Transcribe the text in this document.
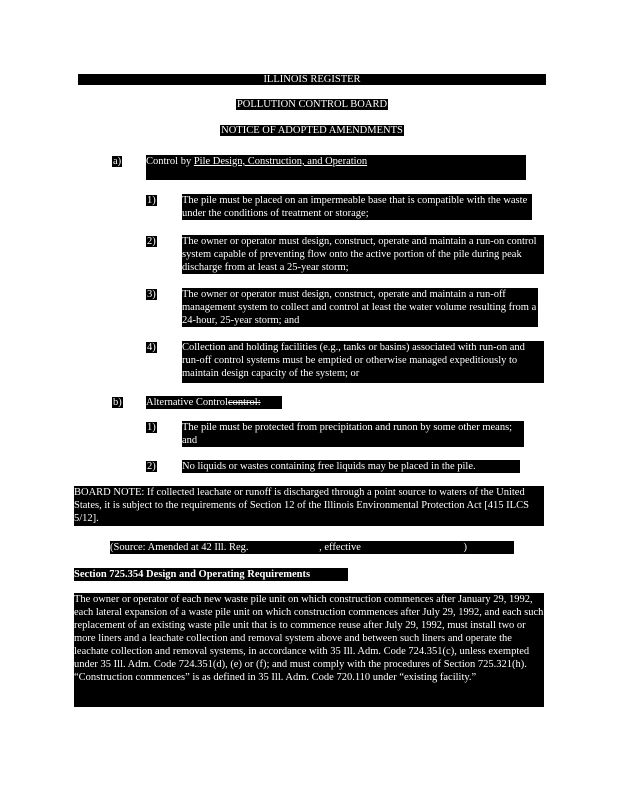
ILLINOIS REGISTER
POLLUTION CONTROL BOARD
NOTICE OF ADOPTED AMENDMENTS
a) Control by Pile Design, Construction, and Operation
1)	The pile must be placed on an impermeable base that is compatible with the waste under the conditions of treatment or storage;
2)	The owner or operator must design, construct, operate and maintain a run-on control system capable of preventing flow onto the active portion of the pile during peak discharge from at least a 25-year storm;
3)	The owner or operator must design, construct, operate and maintain a run-off management system to collect and control at least the water volume resulting from a 24-hour, 25-year storm; and
4)	Collection and holding facilities (e.g., tanks or basins) associated with run-on and run-off control systems must be emptied or otherwise managed expeditiously to maintain design capacity of the system; or
b) Alternative Controlcontrol:
1)	The pile must be protected from precipitation and runon by some other means; and
2)	No liquids or wastes containing free liquids may be placed in the pile.
BOARD NOTE: If collected leachate or runoff is discharged through a point source to waters of the United States, it is subject to the requirements of Section 12 of the Illinois Environmental Protection Act [415 ILCS 5/12].
(Source: Amended at 42 Ill. Reg.	, effective	)
Section 725.354 Design and Operating Requirements
The owner or operator of each new waste pile unit on which construction commences after January 29, 1992, each lateral expansion of a waste pile unit on which construction commences after July 29, 1992, and each such replacement of an existing waste pile unit that is to commence reuse after July 29, 1992, must install two or more liners and a leachate collection and removal system above and between such liners and operate the leachate collection and removal systems, in accordance with 35 Ill. Adm. Code 724.351(c), unless exempted under 35 Ill. Adm. Code 724.351(d), (e) or (f); and must comply with the procedures of Section 725.321(h). “Construction commences” is as defined in 35 Ill. Adm. Code 720.110 under “existing facility.”
